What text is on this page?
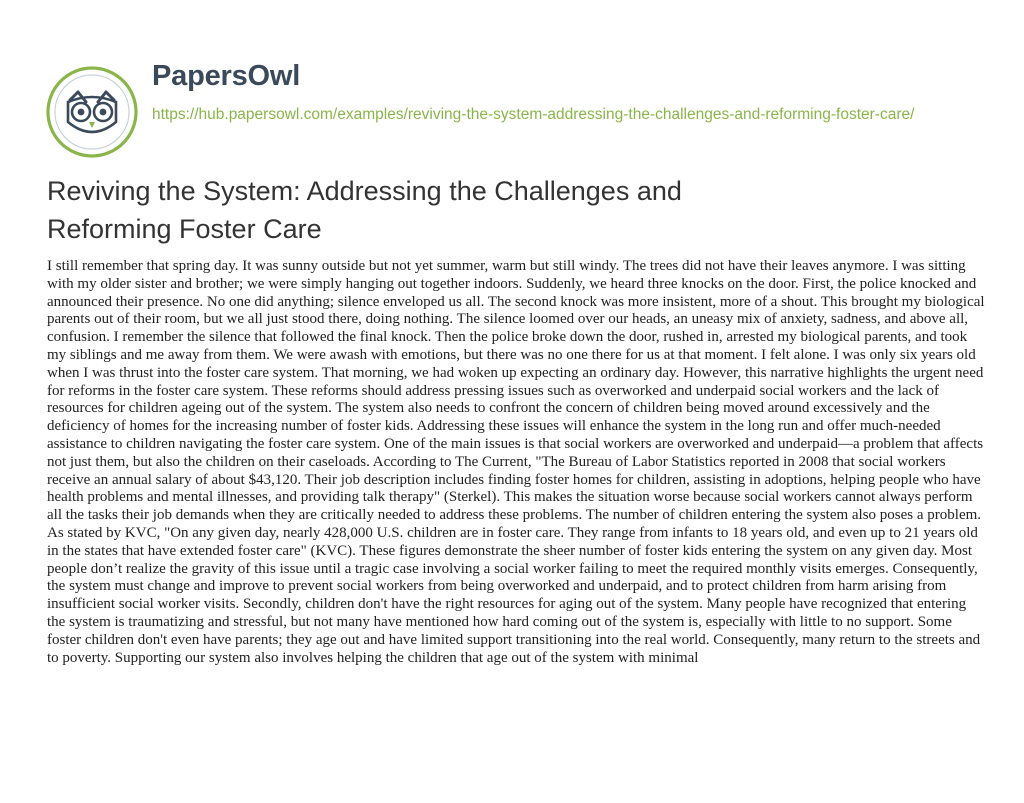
PapersOwl
https://hub.papersowl.com/examples/reviving-the-system-addressing-the-challenges-and-reforming-foster-care/
Reviving the System: Addressing the Challenges and Reforming Foster Care

I still remember that spring day. It was sunny outside but not yet summer, warm but still windy. The trees did not have their leaves anymore. I was sitting with my older sister and brother; we were simply hanging out together indoors. Suddenly, we heard three knocks on the door. First, the police knocked and announced their presence. No one did anything; silence enveloped us all. The second knock was more insistent, more of a shout. This brought my biological parents out of their room, but we all just stood there, doing nothing. The silence loomed over our heads, an uneasy mix of anxiety, sadness, and above all, confusion. I remember the silence that followed the final knock. Then the police broke down the door, rushed in, arrested my biological parents, and took my siblings and me away from them. We were awash with emotions, but there was no one there for us at that moment. I felt alone. I was only six years old when I was thrust into the foster care system. That morning, we had woken up expecting an ordinary day. However, this narrative highlights the urgent need for reforms in the foster care system. These reforms should address pressing issues such as overworked and underpaid social workers and the lack of resources for children ageing out of the system. The system also needs to confront the concern of children being moved around excessively and the deficiency of homes for the increasing number of foster kids. Addressing these issues will enhance the system in the long run and offer much-needed assistance to children navigating the foster care system. One of the main issues is that social workers are overworked and underpaid—a problem that affects not just them, but also the children on their caseloads. According to The Current, "The Bureau of Labor Statistics reported in 2008 that social workers receive an annual salary of about $43,120. Their job description includes finding foster homes for children, assisting in adoptions, helping people who have health problems and mental illnesses, and providing talk therapy" (Sterkel). This makes the situation worse because social workers cannot always perform all the tasks their job demands when they are critically needed to address these problems. The number of children entering the system also poses a problem. As stated by KVC, "On any given day, nearly 428,000 U.S. children are in foster care. They range from infants to 18 years old, and even up to 21 years old in the states that have extended foster care" (KVC). These figures demonstrate the sheer number of foster kids entering the system on any given day. Most people don’t realize the gravity of this issue until a tragic case involving a social worker failing to meet the required monthly visits emerges. Consequently, the system must change and improve to prevent social workers from being overworked and underpaid, and to protect children from harm arising from insufficient social worker visits. Secondly, children don't have the right resources for aging out of the system. Many people have recognized that entering the system is traumatizing and stressful, but not many have mentioned how hard coming out of the system is, especially with little to no support. Some foster children don't even have parents; they age out and have limited support transitioning into the real world. Consequently, many return to the streets and to poverty. Supporting our system also involves helping the children that age out of the system with minimal
